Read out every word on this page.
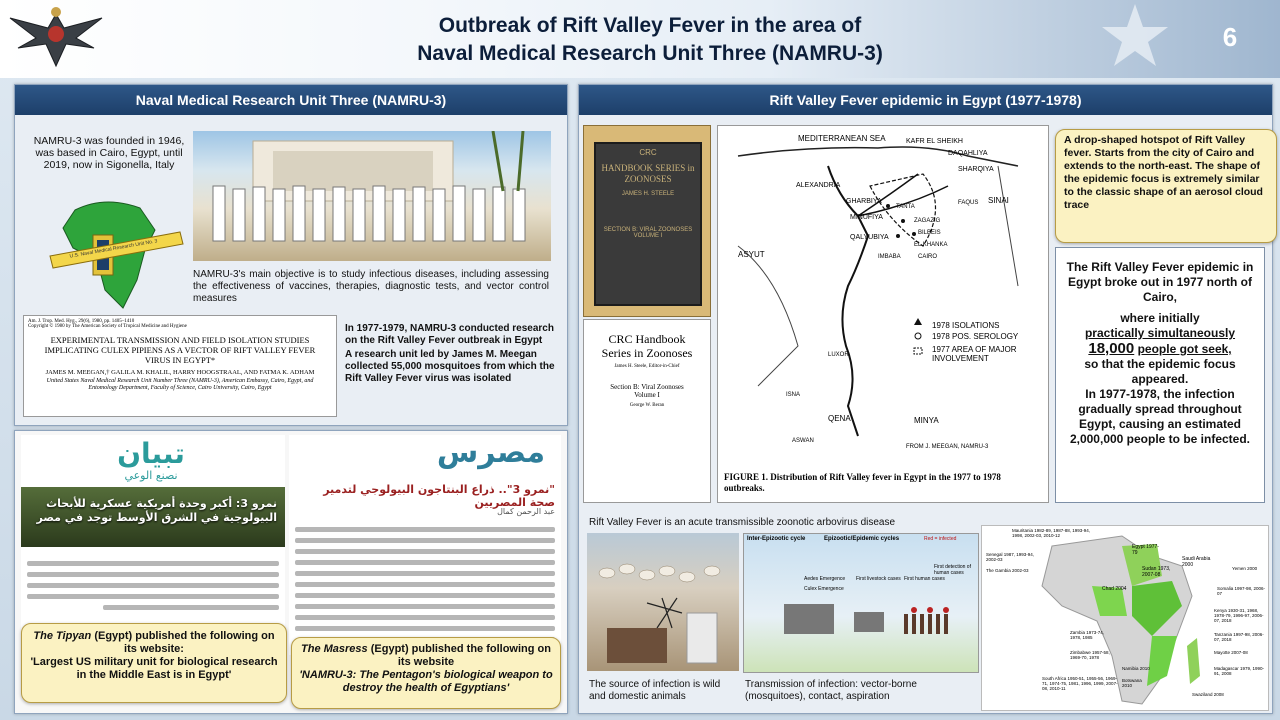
Outbreak of Rift Valley Fever in the area of
Naval Medical Research Unit Three (NAMRU-3)
6
Naval Medical Research Unit Three (NAMRU-3)
NAMRU-3 was founded in 1946, was based in Cairo, Egypt, until 2019, now in Sigonella, Italy
U.S. Naval Medical Research Unit No. 3
NAMRU-3's main objective is to study infectious diseases, including assessing the effectiveness of vaccines, therapies, diagnostic tests, and vector control measures
Am. J. Trop. Med. Hyg., 29(6), 1980, pp. 1405–1410
Copyright © 1980 by The American Society of Tropical Medicine and Hygiene
EXPERIMENTAL TRANSMISSION AND FIELD ISOLATION STUDIES IMPLICATING CULEX PIPIENS AS A VECTOR OF RIFT VALLEY FEVER VIRUS IN EGYPT*
JAMES M. MEEGAN,† GALILA M. KHALIL, HARRY HOOGSTRAAL, AND FATMA K. ADHAM
United States Naval Medical Research Unit Number Three (NAMRU-3), American Embassy, Cairo, Egypt, and Entomology Department, Faculty of Science, Cairo University, Cairo, Egypt
In 1977-1979, NAMRU-3 conducted research on the Rift Valley Fever outbreak in Egypt
A research unit led by James M. Meegan collected 55,000 mosquitoes from which the Rift Valley Fever virus was isolated
تبيان
نصنع الوعي
نمرو 3: أكبر وحدة أمريكية عسكرية للأبحاث البيولوجية في الشرق الأوسط توجد في مصر
مصرس
"نمرو 3".. ذراع البنتاجون البيولوجي لتدمير صحة المصريين
عبد الرحمن كمال
The Tipyan (Egypt) published the following on its website:
'Largest US military unit for biological research in the Middle East is in Egypt'
The Masress (Egypt) published the following on its website
'NAMRU-3: The Pentagon's biological weapon to destroy the health of Egyptians'
Rift Valley Fever epidemic in Egypt (1977-1978)
CRC
HANDBOOK SERIES in ZOONOSES
JAMES H. STEELE
SECTION B: VIRAL ZOONOSES VOLUME I
CRC Handbook Series in Zoonoses
James H. Steele, Editor-in-Chief
Section B: Viral Zoonoses Volume I
George W. Beran
MEDITERRANEAN SEA	KAFR EL SHEIKH
DAQAHLIYA
SHARQIYA
ALEXANDRIA
GHARBIYA
TANTA
FAQUS SINAI
MINUFIYA	ZAGAZIG
QALYUBIYA
BILBEIS
EL KHANKA
CAIRO
IMBABA
ASYUT
LUXOR
ISNA
QENA
ASWAN
MINYA
1978 ISOLATIONS
1978 POS. SEROLOGY
1977 AREA OF MAJOR INVOLVEMENT
FROM J. MEEGAN, NAMRU-3
FIGURE 1. Distribution of Rift Valley fever in Egypt in the 1977 to 1978 outbreaks.
A drop-shaped hotspot of Rift Valley fever. Starts from the city of Cairo and extends to the north-east. The shape of the epidemic focus is extremely similar to the classic shape of an aerosol cloud trace
The Rift Valley Fever epidemic in Egypt broke out in 1977 north of Cairo,
where initially
practically simultaneously
18,000 people got seek,
so that the epidemic focus appeared.
In 1977-1978, the infection gradually spread throughout Egypt, causing an estimated 2,000,000 people to be infected.
Rift Valley Fever is an acute transmissible zoonotic arbovirus disease
The source of infection is wild and domestic animals
Inter-Epizootic cycle	Epizootic/Epidemic cycles	Red = infected
Aedes Emergence First livestock cases First human cases
Culex Emergence
First detection of human cases
Transmission of infection: vector-borne (mosquitoes), contact, aspiration
Mauritania 1982-89, 1987-88, 1993-94, 1998, 2002-03, 2010-12
Senegal 1987, 1993-94, 2002-03
The Gambia 2002-03
Egypt 1977-79
Sudan 1973, 2007-08
Saudi Arabia 2000
Yemen 2000
Chad 2004	Somalia 1997-98, 2006-07
Kenya 1930-31, 1968, 1978-79, 1996-97, 2006-07, 2018
Tanzania 1997-98, 2006-07, 2018
Mayotte 2007-08
Zambia 1973-74, 1978, 1985
Zimbabwe 1957-58, 1969-70, 1978
Madagascar 1979, 1990-91, 2008
South Africa 1950-51, 1955-56, 1969-71, 1974-75, 1981, 1996, 1999, 2007-08, 2010-11
Swaziland 2008
Namibia 2010
Botswana 2010
